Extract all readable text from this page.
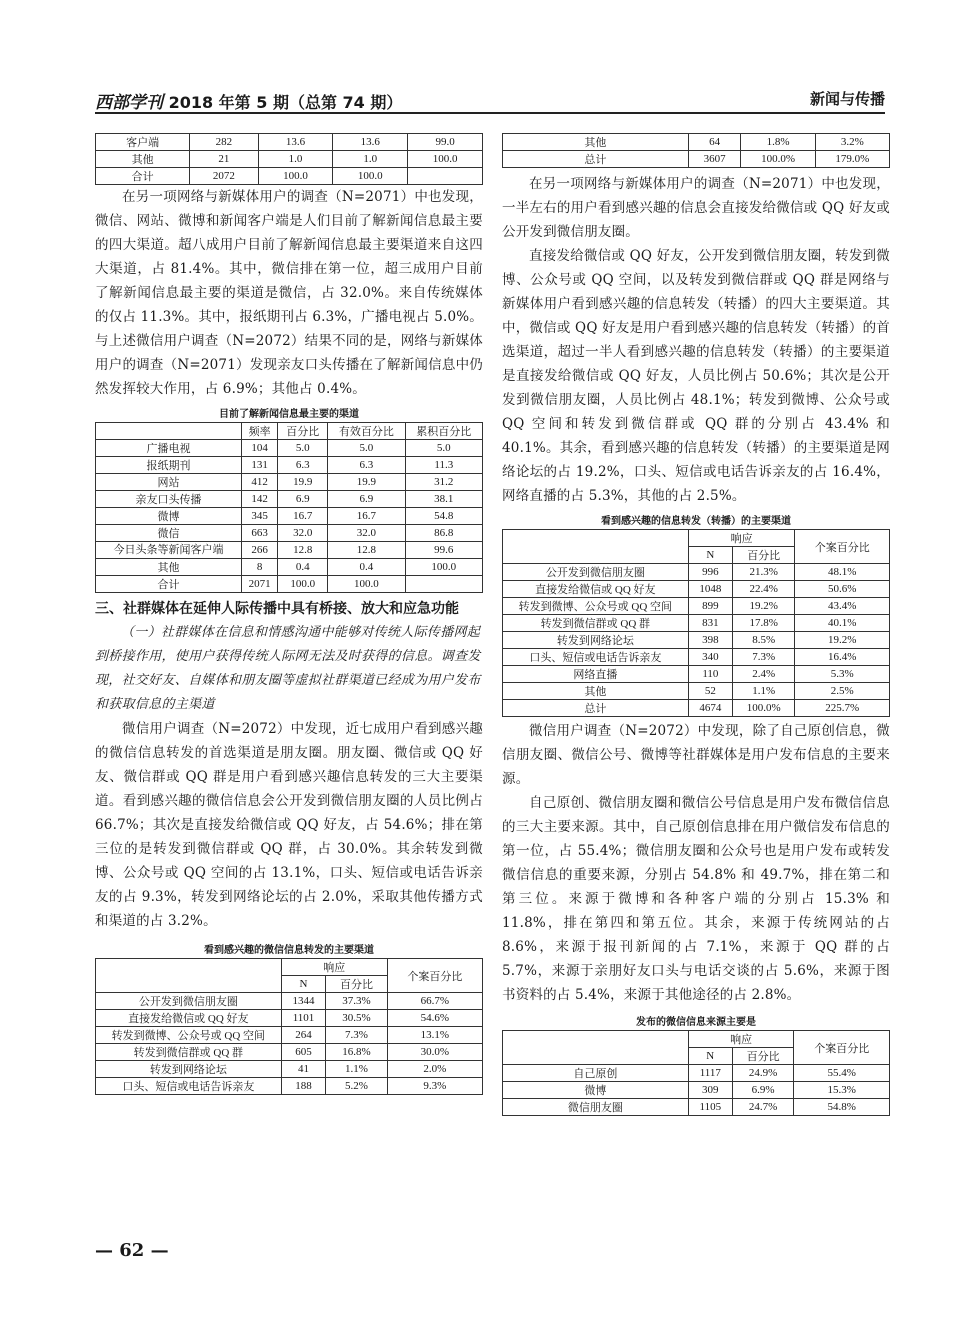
西部学刊 2018 年第 5 期（总第 74 期）	新闻与传播
客户端	282	13.6	13.6	99.0
其他	21	1.0	1.0	100.0
合计	2072	100.0	100.0	

在另一项网络与新媒体用户的调查（N=2071）中也发现，微信、网站、微博和新闻客户端是人们目前了解新闻信息最主要的四大渠道。超八成用户目前了解新闻信息最主要渠道来自这四大渠道，占 81.4%。其中，微信排在第一位，超三成用户目前了解新闻信息最主要的渠道是微信，占 32.0%。来自传统媒体的仅占 11.3%。其中，报纸期刊占 6.3%，广播电视占 5.0%。与上述微信用户调查（N=2072）结果不同的是，网络与新媒体用户的调查（N=2071）发现亲友口头传播在了解新闻信息中仍然发挥较大作用，占 6.9%；其他占 0.4%。

目前了解新闻信息最主要的渠道
	频率	百分比	有效百分比	累积百分比
广播电视	104	5.0	5.0	5.0
报纸期刊	131	6.3	6.3	11.3
网站	412	19.9	19.9	31.2
亲友口头传播	142	6.9	6.9	38.1
微博	345	16.7	16.7	54.8
微信	663	32.0	32.0	86.8
今日头条等新闻客户端	266	12.8	12.8	99.6
其他	8	0.4	0.4	100.0
合计	2071	100.0	100.0	
三、社群媒体在延伸人际传播中具有桥接、放大和应急功能

（一）社群媒体在信息和情感沟通中能够对传统人际传播网起到桥接作用，使用户获得传统人际网无法及时获得的信息。调查发现，社交好友、自媒体和朋友圈等虚拟社群渠道已经成为用户发布和获取信息的主渠道

微信用户调查（N=2072）中发现，近七成用户看到感兴趣的微信信息转发的首选渠道是朋友圈。朋友圈、微信或 QQ 好友、微信群或 QQ 群是用户看到感兴趣信息转发的三大主要渠道。看到感兴趣的微信信息会公开发到微信朋友圈的人员比例占 66.7%；其次是直接发给微信或 QQ 好友，占 54.6%；排在第三位的是转发到微信群或 QQ 群，占 30.0%。其余转发到微博、公众号或 QQ 空间的占 13.1%，口头、短信或电话告诉亲友的占 9.3%，转发到网络论坛的占 2.0%，采取其他传播方式和渠道的占 3.2%。

看到感兴趣的微信信息转发的主要渠道
	响应		个案百分比
	N	百分比	
公开发到微信朋友圈	1344	37.3%	66.7%
直接发给微信或 QQ 好友	1101	30.5%	54.6%
转发到微博、公众号或 QQ 空间	264	7.3%	13.1%
转发到微信群或 QQ 群	605	16.8%	30.0%
转发到网络论坛	41	1.1%	2.0%
口头、短信或电话告诉亲友	188	5.2%	9.3%
其他	64	1.8%	3.2%
总计	3607	100.0%	179.0%

在另一项网络与新媒体用户的调查（N=2071）中也发现，一半左右的用户看到感兴趣的信息会直接发给微信或 QQ 好友或公开发到微信朋友圈。

直接发给微信或 QQ 好友，公开发到微信朋友圈，转发到微博、公众号或 QQ 空间，以及转发到微信群或 QQ 群是网络与新媒体用户看到感兴趣的信息转发（转播）的四大主要渠道。其中，微信或 QQ 好友是用户看到感兴趣的信息转发（转播）的首选渠道，超过一半人看到感兴趣的信息转发（转播）的主要渠道是直接发给微信或 QQ 好友，人员比例占 50.6%；其次是公开发到微信朋友圈，人员比例占 48.1%；转发到微博、公众号或 QQ 空间和转发到微信群或 QQ 群的分别占 43.4% 和 40.1%。其余，看到感兴趣的信息转发（转播）的主要渠道是网络论坛的占 19.2%，口头、短信或电话告诉亲友的占 16.4%，网络直播的占 5.3%，其他的占 2.5%。

看到感兴趣的信息转发（转播）的主要渠道
	响应		个案百分比
	N	百分比	
公开发到微信朋友圈	996	21.3%	48.1%
直接发给微信或 QQ 好友	1048	22.4%	50.6%
转发到微博、公众号或 QQ 空间	899	19.2%	43.4%
转发到微信群或 QQ 群	831	17.8%	40.1%
转发到网络论坛	398	8.5%	19.2%
口头、短信或电话告诉亲友	340	7.3%	16.4%
网络直播	110	2.4%	5.3%
其他	52	1.1%	2.5%
总计	4674	100.0%	225.7%

微信用户调查（N=2072）中发现，除了自己原创信息，微信朋友圈、微信公号、微博等社群媒体是用户发布信息的主要来源。

自己原创、微信朋友圈和微信公号信息是用户发布微信信息的三大主要来源。其中，自己原创信息排在用户微信发布信息的第一位，占 55.4%；微信朋友圈和公众号也是用户发布或转发微信信息的重要来源，分别占 54.8% 和 49.7%，排在第二和第三位。来源于微博和各种客户端的分别占 15.3% 和 11.8%，排在第四和第五位。其余，来源于传统网站的占 8.6%，来源于报刊新闻的占 7.1%，来源于 QQ 群的占 5.7%，来源于亲朋好友口头与电话交谈的占 5.6%，来源于图书资料的占 5.4%，来源于其他途径的占 2.8%。

发布的微信信息来源主要是
	响应		个案百分比
	N	百分比	
自己原创	1117	24.9%	55.4%
微博	309	6.9%	15.3%
微信朋友圈	1105	24.7%	54.8%
— 62 —
